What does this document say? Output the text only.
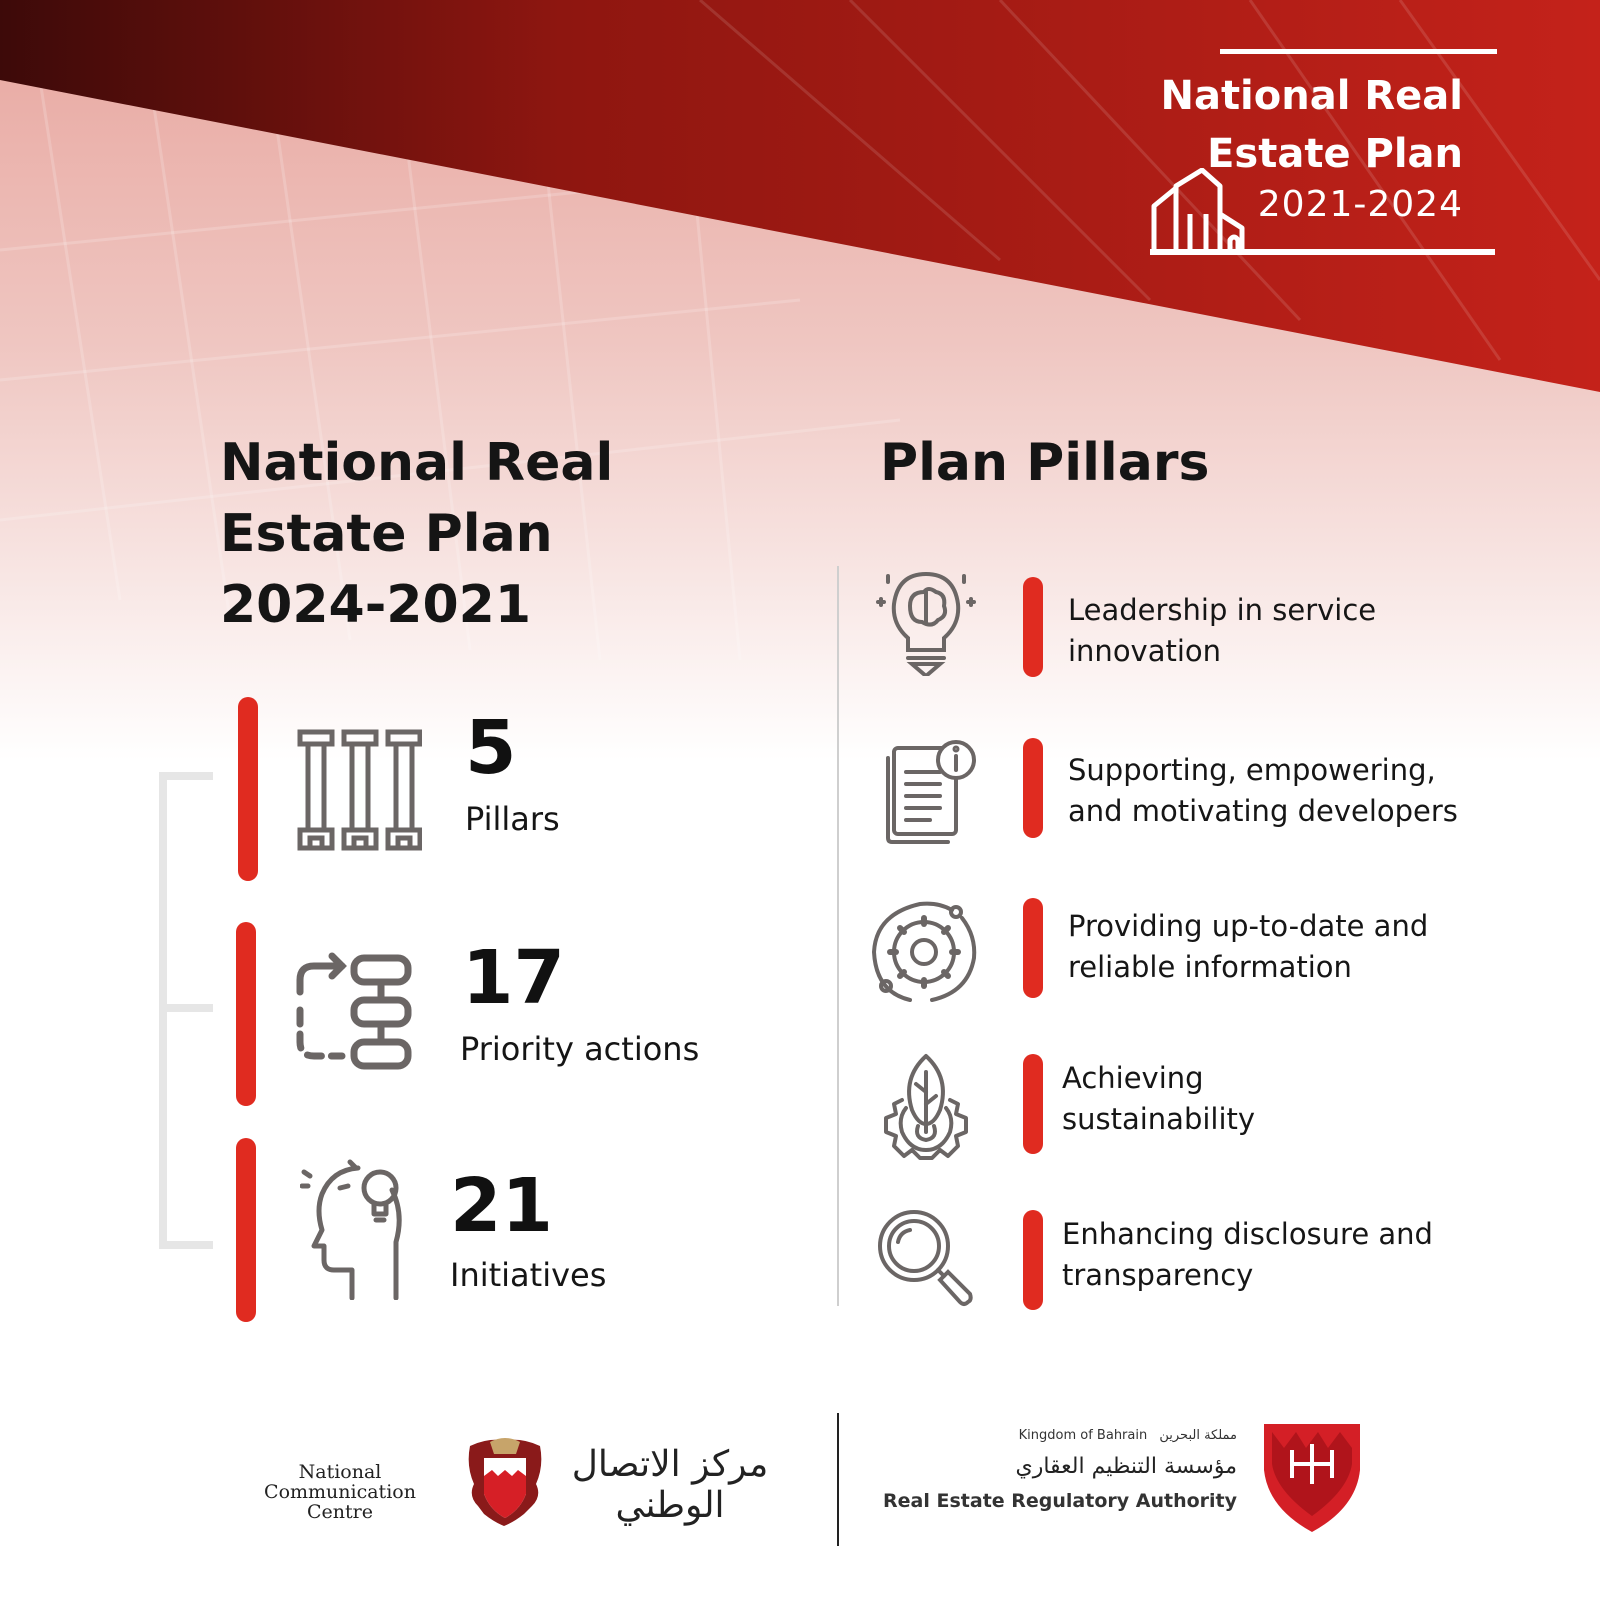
National Real
Estate Plan
2021-2024
National Real
Estate Plan
2024-2021
Plan Pillars
5
Pillars
17
Priority actions
21
Initiatives
Leadership in service
innovation
Supporting, empowering,
and motivating developers
Providing up-to-date and
reliable information
Achieving
sustainability
Enhancing disclosure and
transparency
National
Communication Centre
مركز الاتصال الوطني
Kingdom of Bahrain مملكة البحرين
مؤسسة التنظيم العقاري
Real Estate Regulatory Authority
